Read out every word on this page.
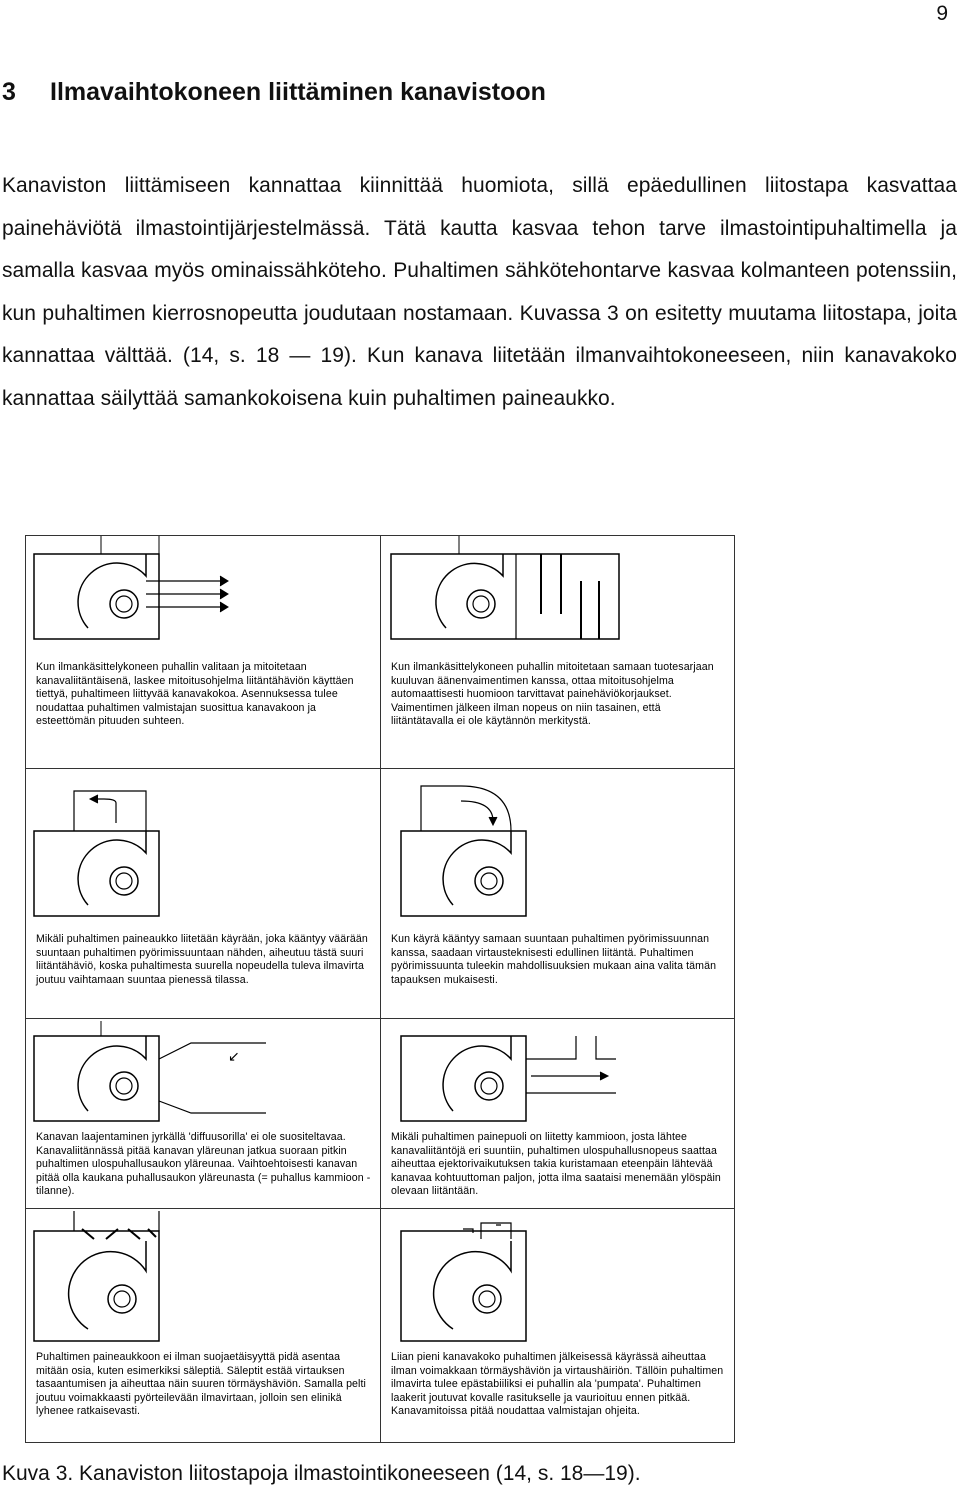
9
3 Ilmavaihtokoneen liittäminen kanavistoon

Kanaviston liittämiseen kannattaa kiinnittää huomiota, sillä epäedullinen liitostapa kasvattaa painehäviötä ilmastointijärjestelmässä. Tätä kautta kasvaa tehon tarve ilmastointipuhaltimella ja samalla kasvaa myös ominaissähköteho. Puhaltimen sähkötehontarve kasvaa kolmanteen potenssiin, kun puhaltimen kierrosnopeutta joudutaan nostamaan. Kuvassa 3 on esitetty muutama liitostapa, joita kannattaa välttää. (14, s. 18 — 19). Kun kanava liitetään ilmanvaihtokoneeseen, niin kanavakoko kannattaa säilyttää samankokoisena kuin puhaltimen paineaukko.

Kun ilmankäsittelykoneen puhallin valitaan ja mitoitetaan kanavaliitäntäisenä, laskee mitoitusohjelma liitäntähäviön käyttäen tiettyä, puhaltimeen liittyvää kanavakokoa. Asennuksessa tulee noudattaa puhaltimen valmistajan suosittua kanavakoon ja esteettömän pituuden suhteen.
Kun ilmankäsittelykoneen puhallin mitoitetaan samaan tuotesarjaan kuuluvan äänenvaimentimen kanssa, ottaa mitoitusohjelma automaattisesti huomioon tarvittavat painehäviökorjaukset. Vaimentimen jälkeen ilman nopeus on niin tasainen, että liitäntätavalla ei ole käytännön merkitystä.
Mikäli puhaltimen paineaukko liitetään käyrään, joka kääntyy väärään suuntaan puhaltimen pyörimissuuntaan nähden, aiheutuu tästä suuri liitäntähäviö, koska puhaltimesta suurella nopeudella tuleva ilmavirta joutuu vaihtamaan suuntaa pienessä tilassa.
Kun käyrä kääntyy samaan suuntaan puhaltimen pyörimissuunnan kanssa, saadaan virtausteknisesti edullinen liitäntä. Puhaltimen pyörimissuunta tuleekin mahdollisuuksien mukaan aina valita tämän tapauksen mukaisesti.
↙
Kanavan laajentaminen jyrkällä 'diffuusorilla' ei ole suositeltavaa. Kanavaliitännässä pitää kanavan yläreunan jatkua suoraan pitkin puhaltimen ulospuhallusaukon yläreunaa. Vaihtoehtoisesti kanavan pitää olla kaukana puhallusaukon yläreunasta (= puhallus kammioon -tilanne).
Mikäli puhaltimen painepuoli on liitetty kammioon, josta lähtee kanavaliitäntöjä eri suuntiin, puhaltimen ulospuhallusnopeus saattaa aiheuttaa ejektorivaikutuksen takia kuristamaan eteenpäin lähtevää kanavaa kohtuuttoman paljon, jotta ilma saataisi menemään ylöspäin olevaan liitäntään.
Puhaltimen paineaukkoon ei ilman suojaetäisyyttä pidä asentaa mitään osia, kuten esimerkiksi säleptiä. Säleptit estää virtauksen tasaantumisen ja aiheuttaa näin suuren törmäyshäviön. Samalla pelti joutuu voimakkaasti pyörteilevään ilmavirtaan, jolloin sen elinikä lyhenee ratkaisevasti.
Liian pieni kanavakoko puhaltimen jälkeisessä käyrässä aiheuttaa ilman voimakkaan törmäyshäviön ja virtaushäiriön. Tällöin puhaltimen ilmavirta tulee epästabiiliksi ei puhallin ala 'pumpata'. Puhaltimen laakerit joutuvat kovalle rasitukselle ja vaurioituu ennen pitkää. Kanavamitoissa pitää noudattaa valmistajan ohjeita.
Kuva 3. Kanaviston liitostapoja ilmastointikoneeseen (14, s. 18—19).
